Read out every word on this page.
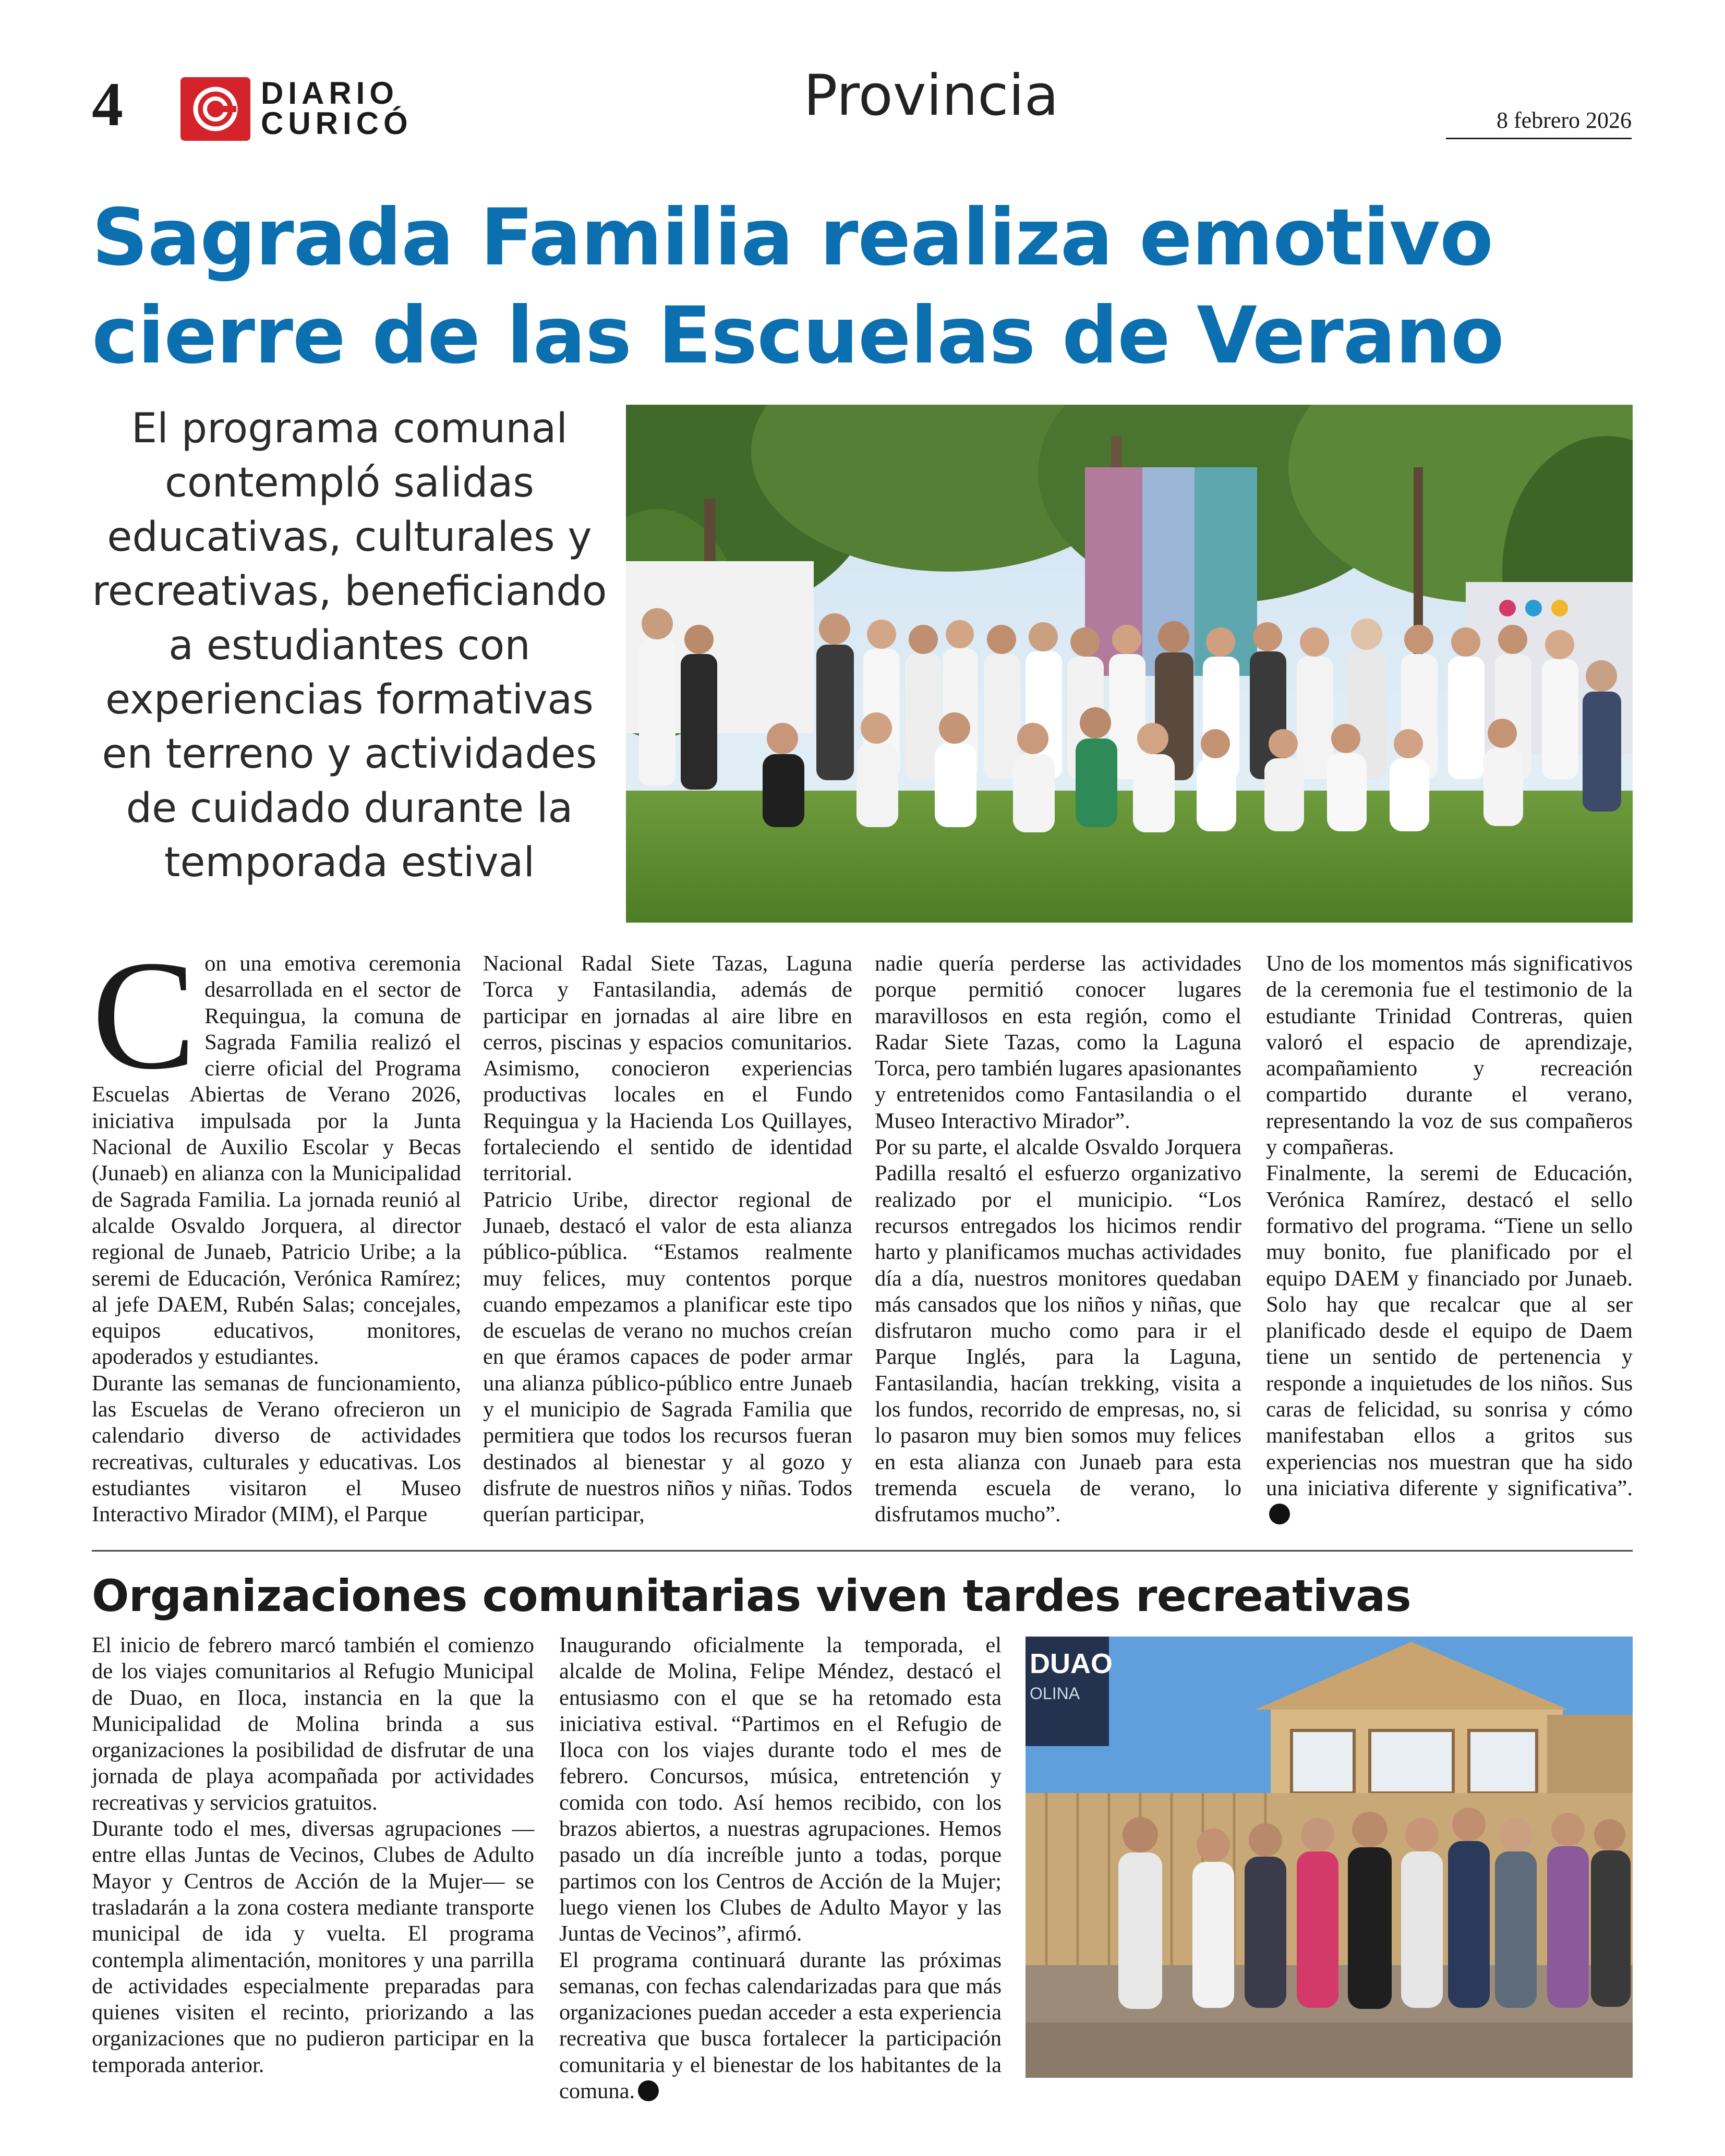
4	DIARIO
CURICÓ	Provincia	8 febrero 2026
Sagrada Familia realiza emotivo cierre de las Escuelas de Verano
El programa comunal contempló salidas educativas, culturales y recreativas, beneficiando a estudiantes con experiencias formativas en terreno y actividades de cuidado durante la temporada estival
C on una emotiva ceremonia desarrollada en el sector de Requingua, la comuna de Sagrada Familia realizó el cierre oficial del Programa Escuelas Abiertas de Verano 2026, iniciativa impulsada por la Junta Nacional de Auxilio Escolar y Becas (Junaeb) en alianza con la Municipalidad de Sagrada Familia. La jornada reunió al alcalde Osvaldo Jorquera, al director regional de Junaeb, Patricio Uribe; a la seremi de Educación, Verónica Ramírez; al jefe DAEM, Rubén Salas; concejales, equipos educativos, monitores, apoderados y estudiantes.

Durante las semanas de funcionamiento, las Escuelas de Verano ofrecieron un calendario diverso de actividades recreativas, culturales y educativas. Los estudiantes visitaron el Museo Interactivo Mirador (MIM), el Parque

Nacional Radal Siete Tazas, Laguna Torca y Fantasilandia, además de participar en jornadas al aire libre en cerros, piscinas y espacios comunitarios. Asimismo, conocieron experiencias productivas locales en el Fundo Requingua y la Hacienda Los Quillayes, fortaleciendo el sentido de identidad territorial.

Patricio Uribe, director regional de Junaeb, destacó el valor de esta alianza público-pública. “Estamos realmente muy felices, muy contentos porque cuando empezamos a planificar este tipo de escuelas de verano no muchos creían en que éramos capaces de poder armar una alianza público-público entre Junaeb y el municipio de Sagrada Familia que permitiera que todos los recursos fueran destinados al bienestar y al gozo y disfrute de nuestros niños y niñas. Todos querían participar,

nadie quería perderse las actividades porque permitió conocer lugares maravillosos en esta región, como el Radar Siete Tazas, como la Laguna Torca, pero también lugares apasionantes y entretenidos como Fantasilandia o el Museo Interactivo Mirador”.

Por su parte, el alcalde Osvaldo Jorquera Padilla resaltó el esfuerzo organizativo realizado por el municipio. “Los recursos entregados los hicimos rendir harto y planificamos muchas actividades día a día, nuestros monitores quedaban más cansados que los niños y niñas, que disfrutaron mucho como para ir el Parque Inglés, para la Laguna, Fantasilandia, hacían trekking, visita a los fundos, recorrido de empresas, no, si lo pasaron muy bien somos muy felices en esta alianza con Junaeb para esta tremenda escuela de verano, lo disfrutamos mucho”.

Uno de los momentos más significativos de la ceremonia fue el testimonio de la estudiante Trinidad Contreras, quien valoró el espacio de aprendizaje, acompañamiento y recreación compartido durante el verano, representando la voz de sus compañeros y compañeras.

Finalmente, la seremi de Educación, Verónica Ramírez, destacó el sello formativo del programa. “Tiene un sello muy bonito, fue planificado por el equipo DAEM y financiado por Junaeb. Solo hay que recalcar que al ser planificado desde el equipo de Daem tiene un sentido de pertenencia y responde a inquietudes de los niños. Sus caras de felicidad, su sonrisa y cómo manifestaban ellos a gritos sus experiencias nos muestran que ha sido una iniciativa diferente y significativa”.

Organizaciones comunitarias viven tardes recreativas

El inicio de febrero marcó también el comienzo de los viajes comunitarios al Refugio Municipal de Duao, en Iloca, instancia en la que la Municipalidad de Molina brinda a sus organizaciones la posibilidad de disfrutar de una jornada de playa acompañada por actividades recreativas y servicios gratuitos.

Durante todo el mes, diversas agrupaciones —entre ellas Juntas de Vecinos, Clubes de Adulto Mayor y Centros de Acción de la Mujer— se trasladarán a la zona costera mediante transporte municipal de ida y vuelta. El programa contempla alimentación, monitores y una parrilla de actividades especialmente preparadas para quienes visiten el recinto, priorizando a las organizaciones que no pudieron participar en la temporada anterior.

Inaugurando oficialmente la temporada, el alcalde de Molina, Felipe Méndez, destacó el entusiasmo con el que se ha retomado esta iniciativa estival. “Partimos en el Refugio de Iloca con los viajes durante todo el mes de febrero. Concursos, música, entretención y comida con todo. Así hemos recibido, con los brazos abiertos, a nuestras agrupaciones. Hemos pasado un día increíble junto a todas, porque partimos con los Centros de Acción de la Mujer; luego vienen los Clubes de Adulto Mayor y las Juntas de Vecinos”, afirmó.

El programa continuará durante las próximas semanas, con fechas calendarizadas para que más organizaciones puedan acceder a esta experiencia recreativa que busca fortalecer la participación comunitaria y el bienestar de los habitantes de la comuna.

DUAO
OLINA
